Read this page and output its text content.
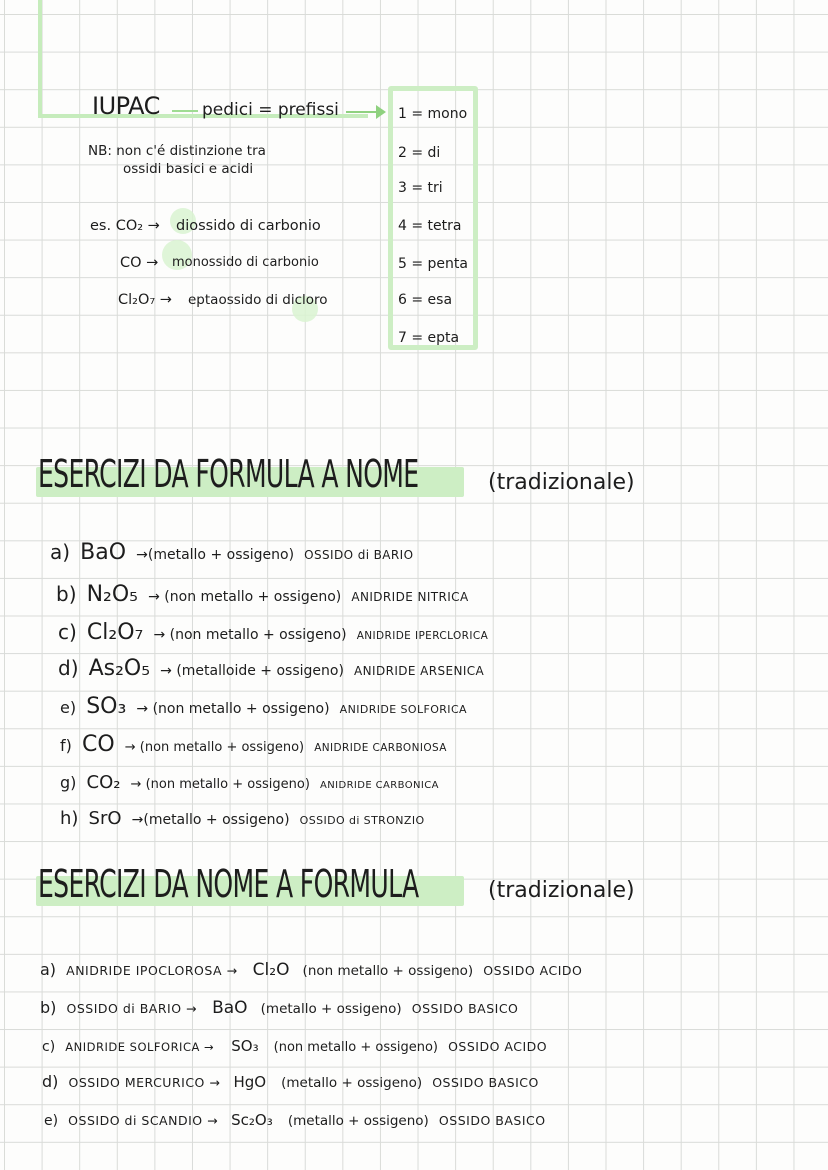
IUPAC pedici = prefissi
NB: non c'é distinzione tra
ossidi basici e acidi
1 = mono
2 = di
3 = tri
4 = tetra
5 = penta
6 = esa
7 = epta
es. CO₂ → diossido di carbonio
CO → monossido di carbonio
Cl₂O₇ → eptaossido di dicloro
ESERCIZI DA FORMULA A NOME	(tradizionale)
a) BaO →(metallo + ossigeno) OSSIDO di BARIO
b) N₂O₅ → (non metallo + ossigeno) ANIDRIDE NITRICA
c) Cl₂O₇ → (non metallo + ossigeno) ANIDRIDE IPERCLORICA
d) As₂O₅ → (metalloide + ossigeno) ANIDRIDE ARSENICA
e) SO₃ → (non metallo + ossigeno) ANIDRIDE SOLFORICA
f) CO → (non metallo + ossigeno) ANIDRIDE CARBONIOSA
g) CO₂ → (non metallo + ossigeno) ANIDRIDE CARBONICA
h) SrO →(metallo + ossigeno) OSSIDO di STRONZIO
ESERCIZI DA NOME A FORMULA	(tradizionale)
a) ANIDRIDE IPOCLOROSA → Cl₂O (non metallo + ossigeno) OSSIDO ACIDO
b) OSSIDO di BARIO → BaO (metallo + ossigeno) OSSIDO BASICO
c) ANIDRIDE SOLFORICA → SO₃ (non metallo + ossigeno) OSSIDO ACIDO
d) OSSIDO MERCURICO → HgO (metallo + ossigeno) OSSIDO BASICO
e) OSSIDO di SCANDIO → Sc₂O₃ (metallo + ossigeno) OSSIDO BASICO
